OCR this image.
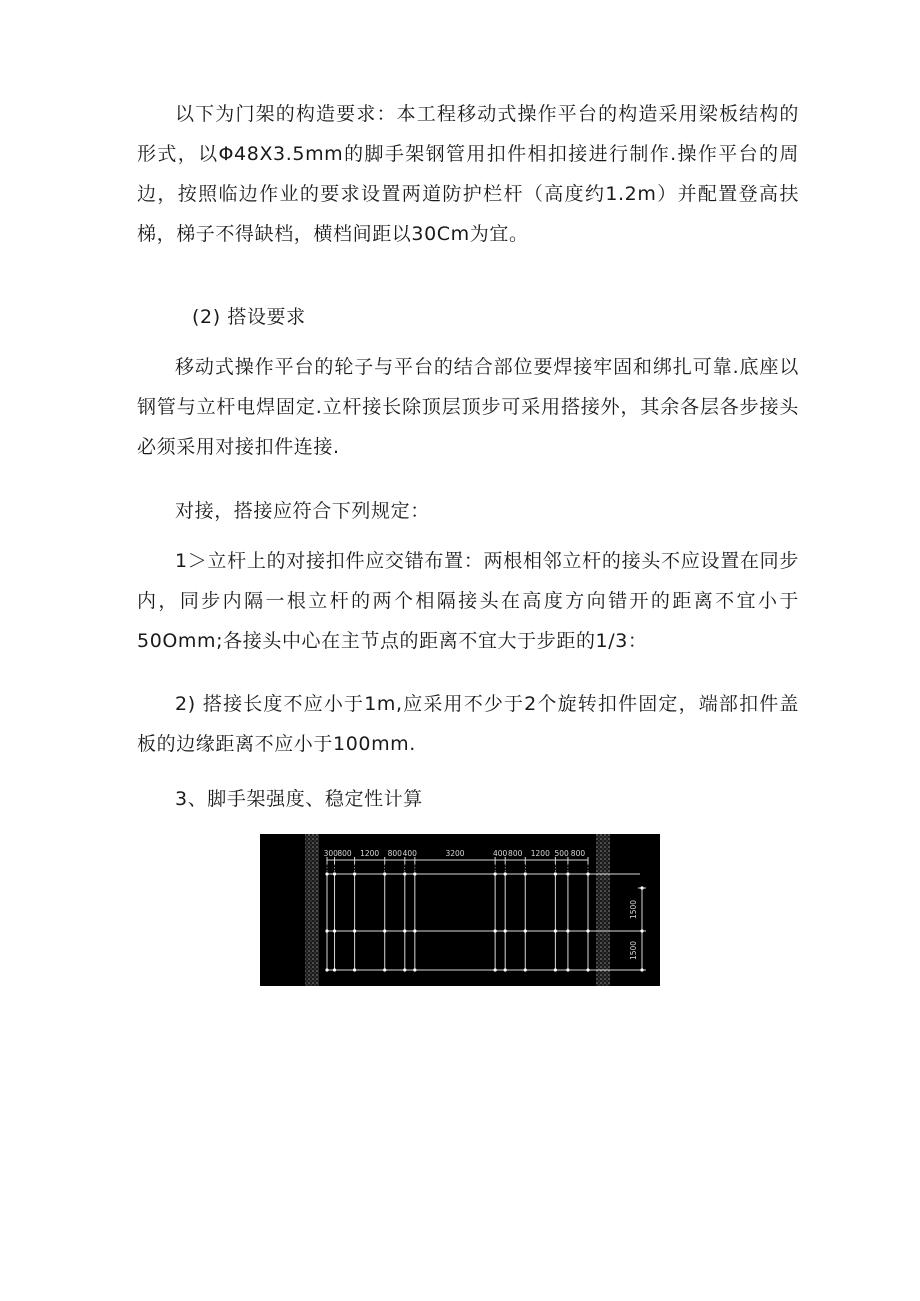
以下为门架的构造要求：本工程移动式操作平台的构造采用梁板结构的形式，以Φ48X3.5mm的脚手架钢管用扣件相扣接进行制作.操作平台的周边，按照临边作业的要求设置两道防护栏杆（高度约1.2m）并配置登高扶梯，梯子不得缺档，横档间距以30Cm为宜。

(2) 搭设要求

移动式操作平台的轮子与平台的结合部位要焊接牢固和绑扎可靠.底座以钢管与立杆电焊固定.立杆接长除顶层顶步可采用搭接外，其余各层各步接头必须采用对接扣件连接.

对接，搭接应符合下列规定：

1＞立杆上的对接扣件应交错布置：两根相邻立杆的接头不应设置在同步内，同步内隔一根立杆的两个相隔接头在高度方向错开的距离不宜小于50Omm;各接头中心在主节点的距离不宜大于步距的1/3：

2) 搭接长度不应小于1m,应采用不少于2个旋转扣件固定，端部扣件盖板的边缘距离不应小于100mm.

3、脚手架强度、稳定性计算

300 800 1200 800 400	3200	400 800 1200 500 800
1500
1500
